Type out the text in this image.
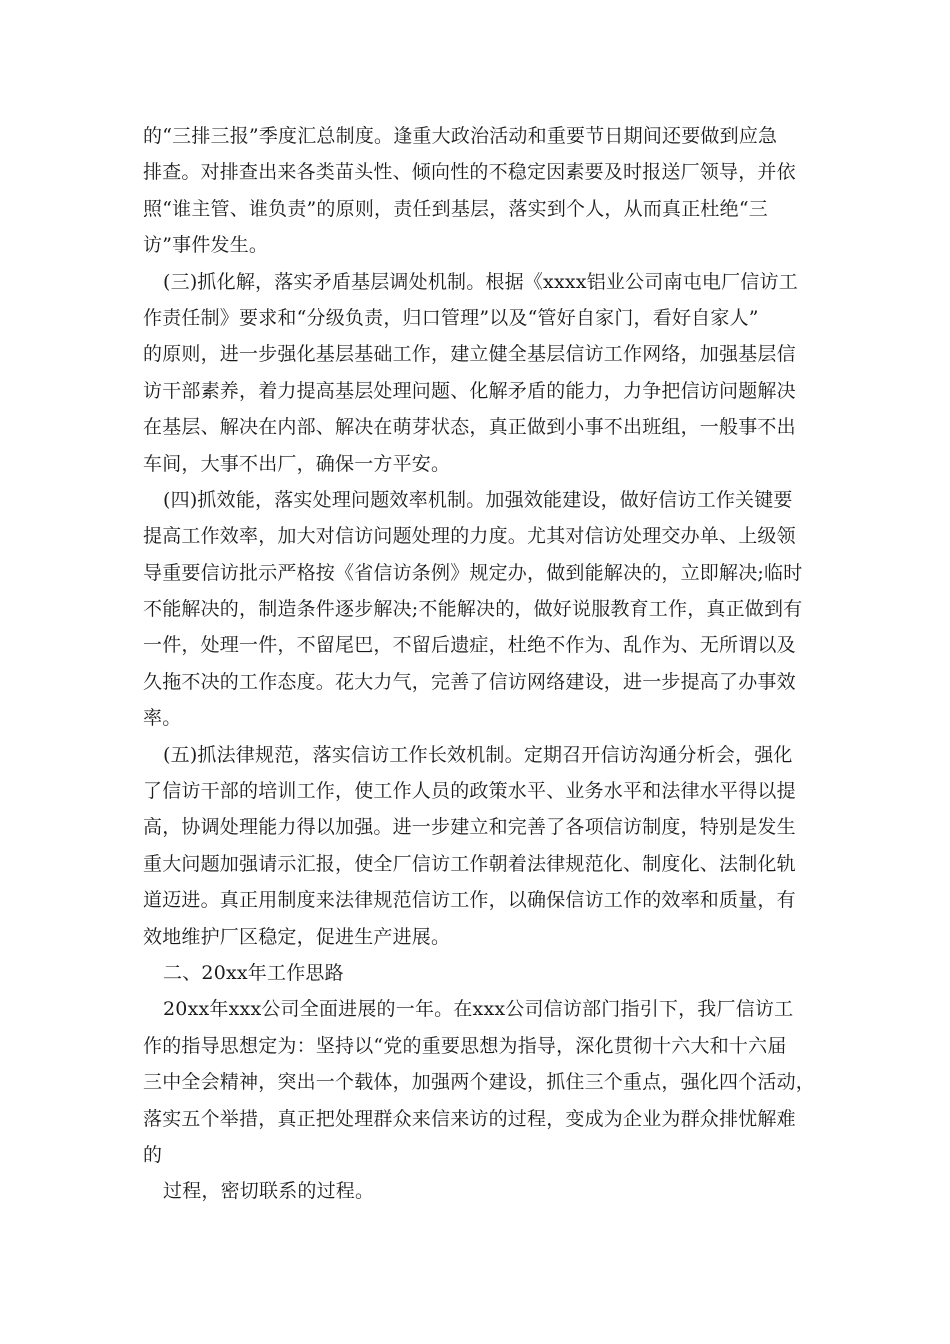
的“三排三报”季度汇总制度。逢重大政治活动和重要节日期间还要做到应急
排查。对排查出来各类苗头性、倾向性的不稳定因素要及时报送厂领导，并依
照“谁主管、谁负责”的原则，责任到基层，落实到个人，从而真正杜绝“三
访”事件发生。
(三)抓化解，落实矛盾基层调处机制。根据《xxxx铝业公司南屯电厂信访工
作责任制》要求和“分级负责，归口管理”以及“管好自家门，看好自家人”
的原则，进一步强化基层基础工作，建立健全基层信访工作网络，加强基层信
访干部素养，着力提高基层处理问题、化解矛盾的能力，力争把信访问题解决
在基层、解决在内部、解决在萌芽状态，真正做到小事不出班组，一般事不出
车间，大事不出厂，确保一方平安。
(四)抓效能，落实处理问题效率机制。加强效能建设，做好信访工作关键要
提高工作效率，加大对信访问题处理的力度。尤其对信访处理交办单、上级领
导重要信访批示严格按《省信访条例》规定办，做到能解决的，立即解决;临时
不能解决的，制造条件逐步解决;不能解决的，做好说服教育工作，真正做到有
一件，处理一件，不留尾巴，不留后遗症，杜绝不作为、乱作为、无所谓以及
久拖不决的工作态度。花大力气，完善了信访网络建设，进一步提高了办事效
率。
(五)抓法律规范，落实信访工作长效机制。定期召开信访沟通分析会，强化
了信访干部的培训工作，使工作人员的政策水平、业务水平和法律水平得以提
高，协调处理能力得以加强。进一步建立和完善了各项信访制度，特别是发生
重大问题加强请示汇报，使全厂信访工作朝着法律规范化、制度化、法制化轨
道迈进。真正用制度来法律规范信访工作，以确保信访工作的效率和质量，有
效地维护厂区稳定，促进生产进展。
二、20xx年工作思路
20xx年xxx公司全面进展的一年。在xxx公司信访部门指引下，我厂信访工
作的指导思想定为：坚持以“党的重要思想为指导，深化贯彻十六大和十六届
三中全会精神，突出一个载体，加强两个建设，抓住三个重点，强化四个活动，
落实五个举措，真正把处理群众来信来访的过程，变成为企业为群众排忧解难
的
过程，密切联系的过程。
